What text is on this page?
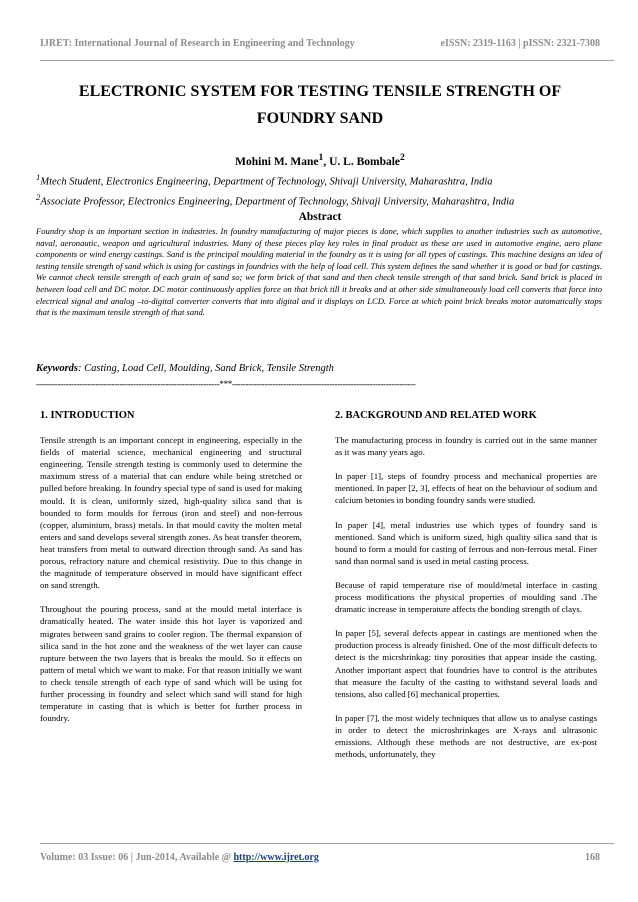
IJRET: International Journal of Research in Engineering and Technology	eISSN: 2319-1163 | pISSN: 2321-7308
ELECTRONIC SYSTEM FOR TESTING TENSILE STRENGTH OF
FOUNDRY SAND
Mohini M. Mane$^1$, U. L. Bombale$^2$
$^1$Mtech Student, Electronics Engineering, Department of Technology, Shivaji University, Maharashtra, India
$^2$Associate Professor, Electronics Engineering, Department of Technology, Shivaji University, Maharashtra, India
Abstract
Foundry shop is an important section in industries. In foundry manufacturing of major pieces is done, which supplies to another industries such as automotive, naval, aeronautic, weapon and agricultural industries. Many of these pieces play key roles in final product as these are used in automotive engine, aero plane components or wind energy castings. Sand is the principal moulding material in the foundry as it is using for all types of castings. This machine designs an idea of testing tensile strength of sand which is using for castings in foundries with the help of load cell. This system defines the sand whether it is good or bad for castings. We cannot check tensile strength of each grain of sand so; we form brick of that sand and then check tensile strength of that sand brick. Sand brick is placed in between load cell and DC motor. DC motor continuously applies force on that brick till it breaks and at other side simultaneously load cell converts that force into electrical signal and analog –to-digital converter converts that into digital and it displays on LCD. Force at which point brick breaks motor automatically stops that is the maximum tensile strength of that sand.
Keywords: Casting, Load Cell, Moulding, Sand Brick, Tensile Strength
--------------------------------------------------------------------***--------------------------------------------------------------------
1. INTRODUCTION

Tensile strength is an important concept in engineering, especially in the fields of material science, mechanical engineering and structural engineering. Tensile strength testing is commonly used to determine the maximum stress of a material that can endure while being stretched or pulled before breaking. In foundry special type of sand is used for making mould. It is clean, uniformly sized, high-quality silica sand that is bounded to form moulds for ferrous (iron and steel) and non-ferrous (copper, aluminium, brass) metals. In that mould cavity the molten metal enters and sand develops several strength zones. As heat transfer theorem, heat transfers from metal to outward direction through sand. As sand has porous, refractory nature and chemical resistivity. Due to this change in the magnitude of temperature observed in mould have significant effect on sand strength.

Throughout the pouring process, sand at the mould metal interface is dramatically heated. The water inside this hot layer is vaporized and migrates between sand grains to cooler region. The thermal expansion of silica sand in the hot zone and the weakness of the wet layer can cause rupture between the two layers that is breaks the mould. So it effects on pattern of metal which we want to make. For that reason initially we want to check tensile strength of each type of sand which will be using for further processing in foundry and select which sand will stand for high temperature in casting that is which is better for further process in foundry.

2. BACKGROUND AND RELATED WORK

The manufacturing process in foundry is carried out in the same manner as it was many years ago.

In paper [1], steps of foundry process and mechanical properties are mentioned. In paper [2, 3], effects of heat on the behaviour of sodium and calcium betonies in bonding foundry sands were studied.

In paper [4], metal industries use which types of foundry sand is mentioned. Sand which is uniform sized, high quality silica sand that is bound to form a mould for casting of ferrous and non-ferrous metal. Finer sand than normal sand is used in metal casting process.

Because of rapid temperature rise of mould/metal interface in casting process modifications the physical properties of moulding sand .The dramatic increase in temperature affects the bonding strength of clays.

In paper [5], several defects appear in castings are mentioned when the production process is already finished. One of the most difficult defects to detect is the micrshrinkag: tiny porosities that appear inside the casting. Another important aspect that foundries have to control is the attributes that measure the faculty of the casting to withstand several loads and tensions, also called [6] mechanical properties.

In paper [7], the most widely techniques that allow us to analyse castings in order to detect the microshrinkages are X-rays and ultrasonic emissions. Although these methods are not destructive, are ex-post methods, unfortunately, they

Volume: 03 Issue: 06 | Jun-2014, Available @ http://www.ijret.org	168
